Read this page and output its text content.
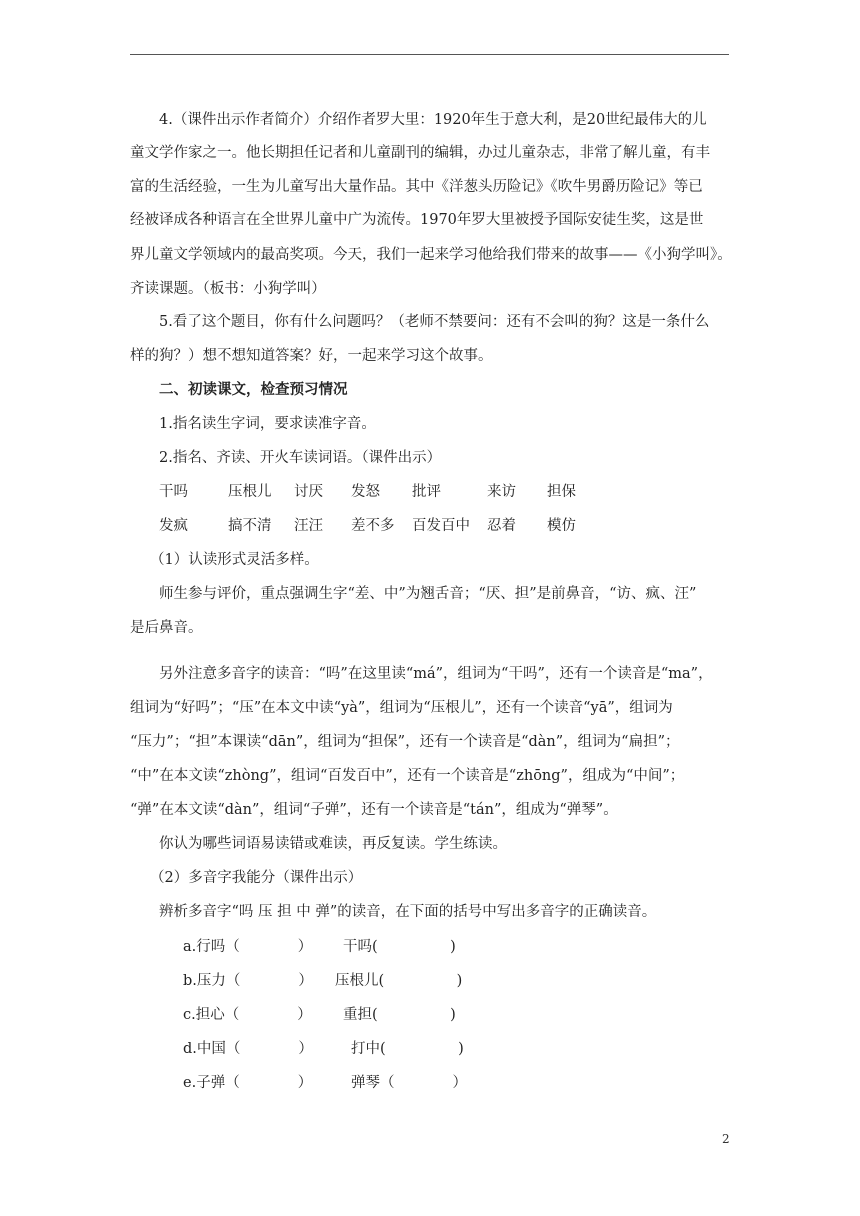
4.（课件出示作者简介）介绍作者罗大里：1920年生于意大利，是20世纪最伟大的儿
童文学作家之一。他长期担任记者和儿童副刊的编辑，办过儿童杂志，非常了解儿童，有丰
富的生活经验，一生为儿童写出大量作品。其中《洋葱头历险记》《吹牛男爵历险记》等已
经被译成各种语言在全世界儿童中广为流传。1970年罗大里被授予国际安徒生奖，这是世
界儿童文学领域内的最高奖项。今天，我们一起来学习他给我们带来的故事——《小狗学叫》。
齐读课题。（板书：小狗学叫）
5.看了这个题目，你有什么问题吗？（老师不禁要问：还有不会叫的狗？这是一条什么
样的狗？）想不想知道答案？好，一起来学习这个故事。
二、初读课文，检查预习情况
1.指名读生字词，要求读准字音。
2.指名、齐读、开火车读词语。（课件出示）
干吗	压根儿 讨厌 发怒 批评	来访 担保
发疯	搞不清 汪汪 差不多 百发百中 忍着 模仿
（1）认读形式灵活多样。
师生参与评价，重点强调生字“差、中”为翘舌音；“厌、担”是前鼻音，“访、疯、汪”
是后鼻音。
另外注意多音字的读音：“吗”在这里读“má”，组词为“干吗”，还有一个读音是“ma”，
组词为“好吗”；“压”在本文中读“yà”，组词为“压根儿”，还有一个读音“yā”，组词为
“压力”；“担”本课读“dān”，组词为“担保”，还有一个读音是“dàn”，组词为“扁担”；
“中”在本文读“zhòng”，组词“百发百中”，还有一个读音是“zhōng”，组成为“中间”；
“弹”在本文读“dàn”，组词“子弹”，还有一个读音是“tán”，组成为“弹琴”。
你认为哪些词语易读错或难读，再反复读。学生练读。
（2）多音字我能分（课件出示）
辨析多音字“吗 压 担 中 弹”的读音，在下面的括号中写出多音字的正确读音。
a.行吗（　　　　） 干吗(　　　　　)
b.压力（　　　　） 压根儿(　　　　　)
c.担心（　　　　） 重担(　　　　　)
d.中国（　　　　）	打中(　　　　　)
e.子弹（　　　　）	弹琴（　　　　）
2
